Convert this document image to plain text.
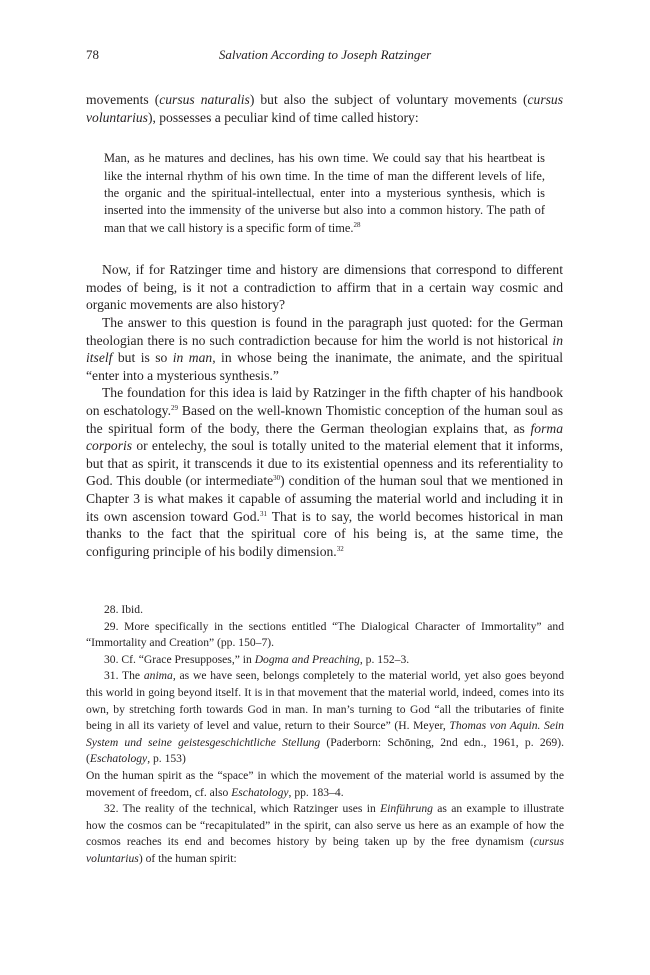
78	Salvation According to Joseph Ratzinger

movements (cursus naturalis) but also the subject of voluntary movements (cursus voluntarius), possesses a peculiar kind of time called history:

Man, as he matures and declines, has his own time. We could say that his heartbeat is like the internal rhythm of his own time. In the time of man the different levels of life, the organic and the spiritual-intellectual, enter into a mysterious synthesis, which is inserted into the immensity of the universe but also into a common history. The path of man that we call history is a specific form of time.$^{28}$

Now, if for Ratzinger time and history are dimensions that correspond to different modes of being, is it not a contradiction to affirm that in a certain way cosmic and organic movements are also history?

The answer to this question is found in the paragraph just quoted: for the German theologian there is no such contradiction because for him the world is not historical in itself but is so in man, in whose being the inanimate, the animate, and the spiritual “enter into a mysterious synthesis.”

The foundation for this idea is laid by Ratzinger in the fifth chapter of his handbook on eschatology.$^{29}$ Based on the well-known Thomistic conception of the human soul as the spiritual form of the body, there the German theologian explains that, as forma corporis or entelechy, the soul is totally united to the material element that it informs, but that as spirit, it transcends it due to its existential openness and its referentiality to God. This double (or intermediate$^{30}$) condition of the human soul that we mentioned in Chapter 3 is what makes it capable of assuming the material world and including it in its own ascension toward God.$^{31}$ That is to say, the world becomes historical in man thanks to the fact that the spiritual core of his being is, at the same time, the configuring principle of his bodily dimension.$^{32}$

28. Ibid.

29. More specifically in the sections entitled “The Dialogical Character of Immortality” and “Immortality and Creation” (pp. 150–7).

30. Cf. “Grace Presupposes,” in Dogma and Preaching, p. 152–3.

31. The anima, as we have seen, belongs completely to the material world, yet also goes beyond this world in going beyond itself. It is in that movement that the material world, indeed, comes into its own, by stretching forth towards God in man. In man’s turning to God “all the tributaries of finite being in all its variety of level and value, return to their Source” (H. Meyer, Thomas von Aquin. Sein System und seine geistesgeschichtliche Stellung (Paderborn: Schōning, 2nd edn., 1961, p. 269). (Eschatology, p. 153)

On the human spirit as the “space” in which the movement of the material world is assumed by the movement of freedom, cf. also Eschatology, pp. 183–4.

32. The reality of the technical, which Ratzinger uses in Einführung as an example to illustrate how the cosmos can be “recapitulated” in the spirit, can also serve us here as an example of how the cosmos reaches its end and becomes history by being taken up by the free dynamism (cursus voluntarius) of the human spirit:
